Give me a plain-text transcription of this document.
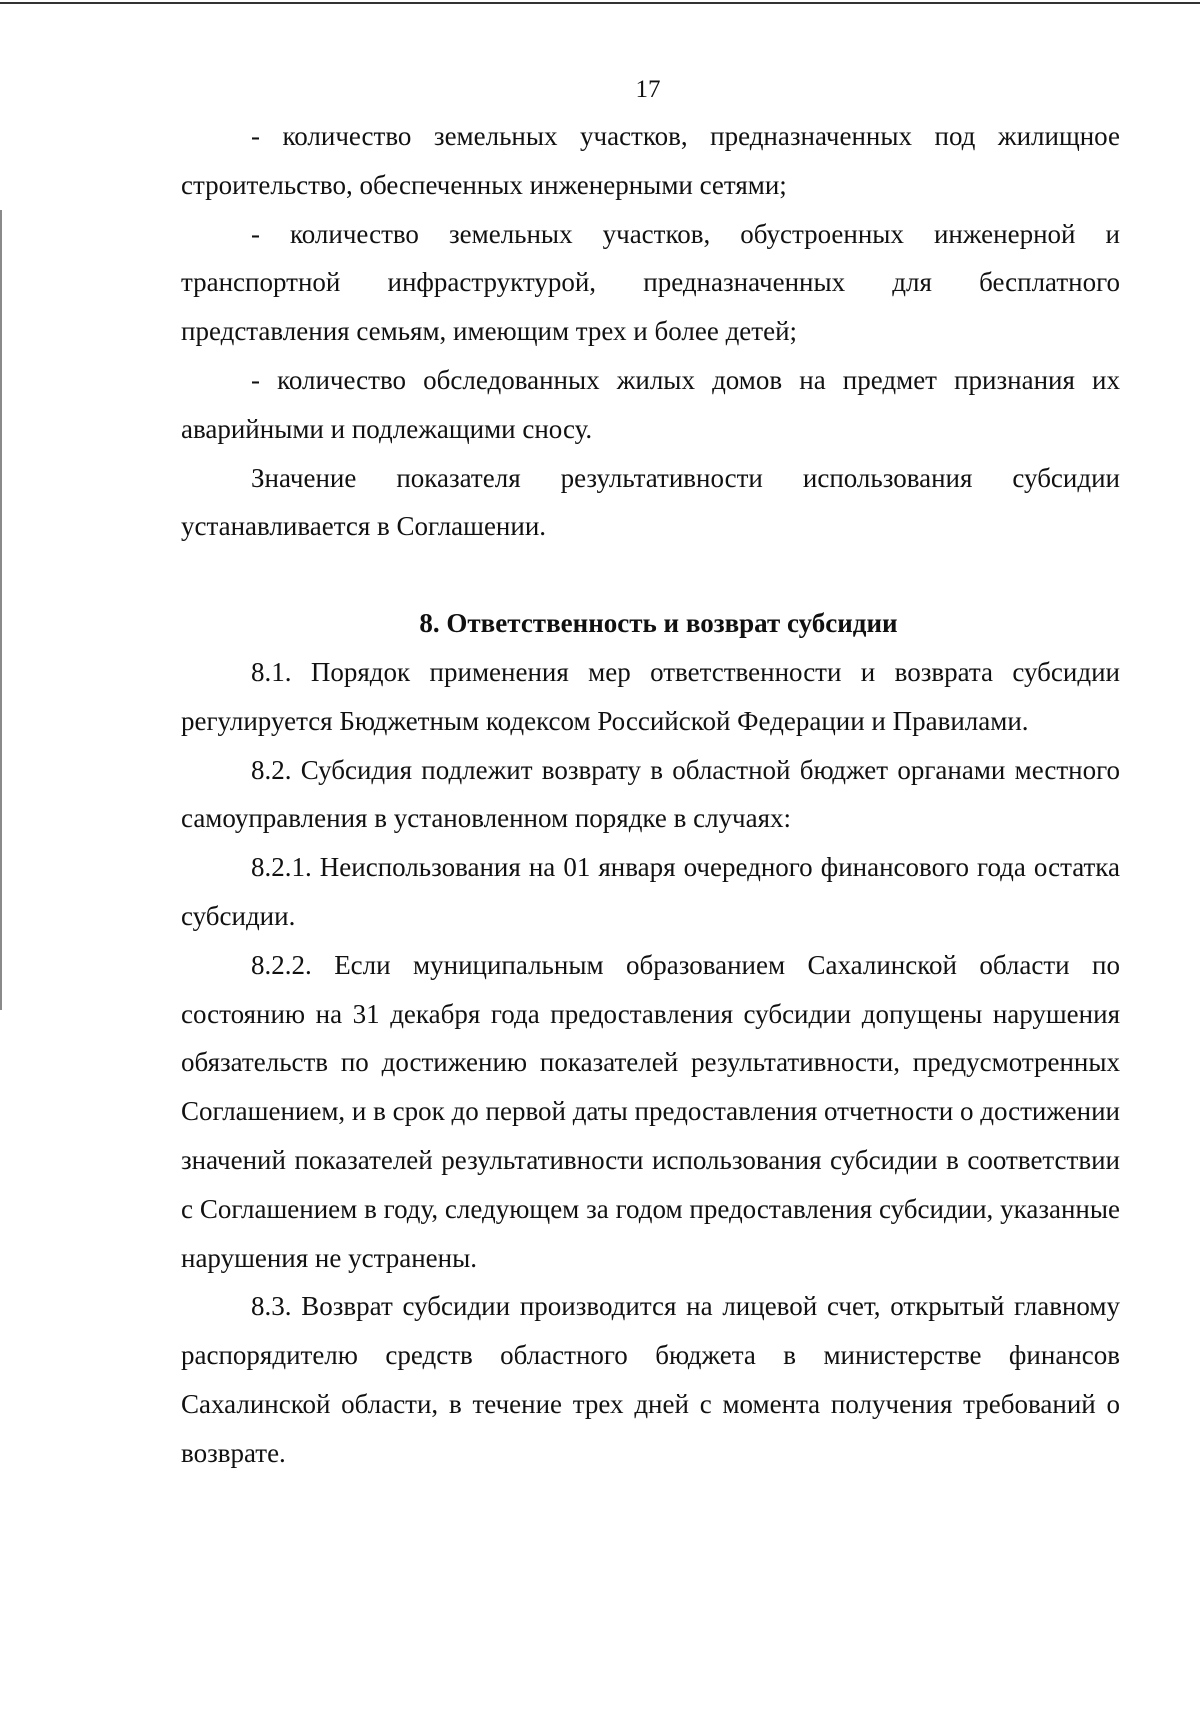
17

- количество земельных участков, предназначенных под жилищное строительство, обеспеченных инженерными сетями;

- количество земельных участков, обустроенных инженерной и транспортной инфраструктурой, предназначенных для бесплатного представления семьям, имеющим трех и более детей;

- количество обследованных жилых домов на предмет признания их аварийными и подлежащими сносу.

Значение показателя результативности использования субсидии устанавливается в Соглашении.

8. Ответственность и возврат субсидии

8.1. Порядок применения мер ответственности и возврата субсидии регулируется Бюджетным кодексом Российской Федерации и Правилами.

8.2. Субсидия подлежит возврату в областной бюджет органами местного самоуправления в установленном порядке в случаях:

8.2.1. Неиспользования на 01 января очередного финансового года остатка субсидии.

8.2.2. Если муниципальным образованием Сахалинской области по состоянию на 31 декабря года предоставления субсидии допущены нарушения обязательств по достижению показателей результативности, предусмотренных Соглашением, и в срок до первой даты предоставления отчетности о достижении значений показателей результативности использования субсидии в соответствии с Соглашением в году, следующем за годом предоставления субсидии, указанные нарушения не устранены.

8.3. Возврат субсидии производится на лицевой счет, открытый главному распорядителю средств областного бюджета в министерстве финансов Сахалинской области, в течение трех дней с момента получения требований о возврате.
